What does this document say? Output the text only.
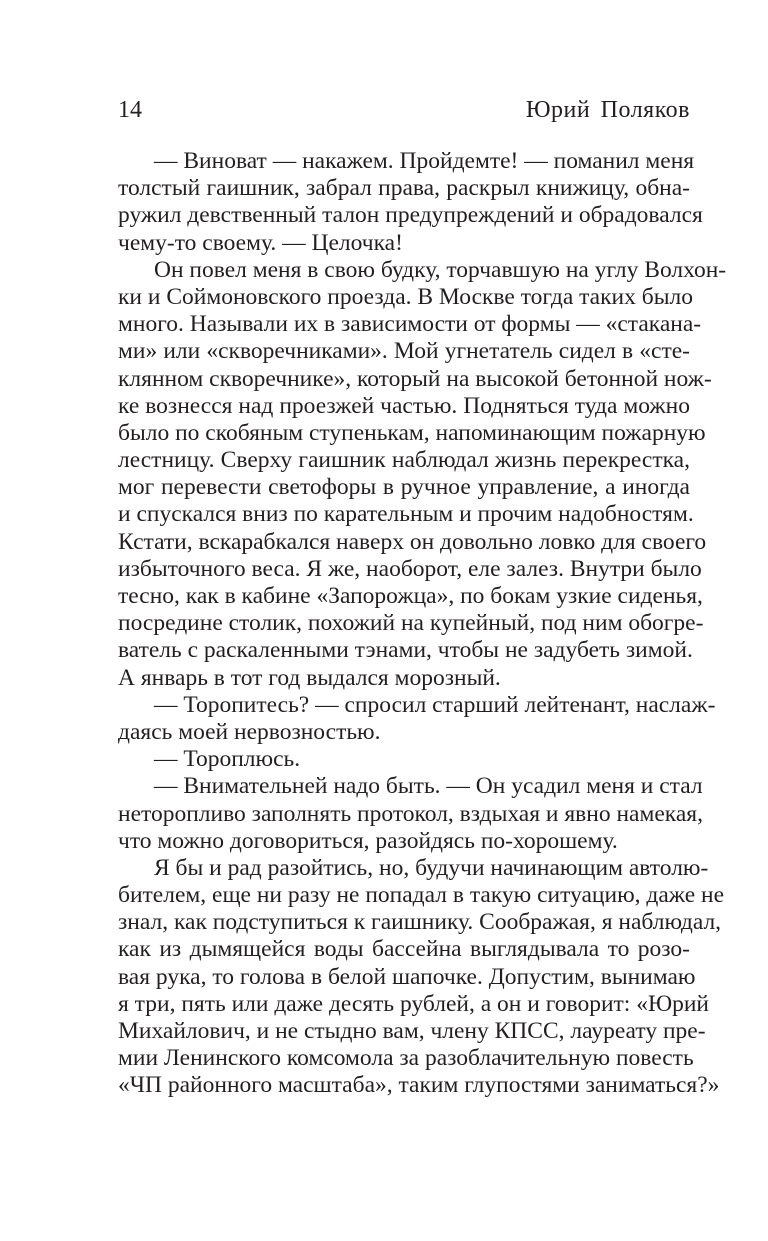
14	Юрий Поляков
— Виноват — накажем. Пройдемте! — поманил меня
толстый гаишник, забрал права, раскрыл книжицу, обна-
ружил девственный талон предупреждений и обрадовался
чему-то своему. — Целочка!
Он повел меня в свою будку, торчавшую на углу Волхон-
ки и Соймоновского проезда. В Москве тогда таких было
много. Называли их в зависимости от формы — «стакана-
ми» или «скворечниками». Мой угнетатель сидел в «сте-
клянном скворечнике», который на высокой бетонной нож-
ке вознесся над проезжей частью. Подняться туда можно
было по скобяным ступенькам, напоминающим пожарную
лестницу. Сверху гаишник наблюдал жизнь перекрестка,
мог перевести светофоры в ручное управление, а иногда
и спускался вниз по карательным и прочим надобностям.
Кстати, вскарабкался наверх он довольно ловко для своего
избыточного веса. Я же, наоборот, еле залез. Внутри было
тесно, как в кабине «Запорожца», по бокам узкие сиденья,
посредине столик, похожий на купейный, под ним обогре-
ватель с раскаленными тэнами, чтобы не задубеть зимой.
А январь в тот год выдался морозный.
— Торопитесь? — спросил старший лейтенант, наслаж-
даясь моей нервозностью.
— Тороплюсь.
— Внимательней надо быть. — Он усадил меня и стал
неторопливо заполнять протокол, вздыхая и явно намекая,
что можно договориться, разойдясь по-хорошему.
Я бы и рад разойтись, но, будучи начинающим автолю-
бителем, еще ни разу не попадал в такую ситуацию, даже не
знал, как подступиться к гаишнику. Соображая, я наблюдал,
как из дымящейся воды бассейна выглядывала то розо-
вая рука, то голова в белой шапочке. Допустим, вынимаю
я три, пять или даже десять рублей, а он и говорит: «Юрий
Михайлович, и не стыдно вам, члену КПСС, лауреату пре-
мии Ленинского комсомола за разоблачительную повесть
«ЧП районного масштаба», таким глупостями заниматься?»
